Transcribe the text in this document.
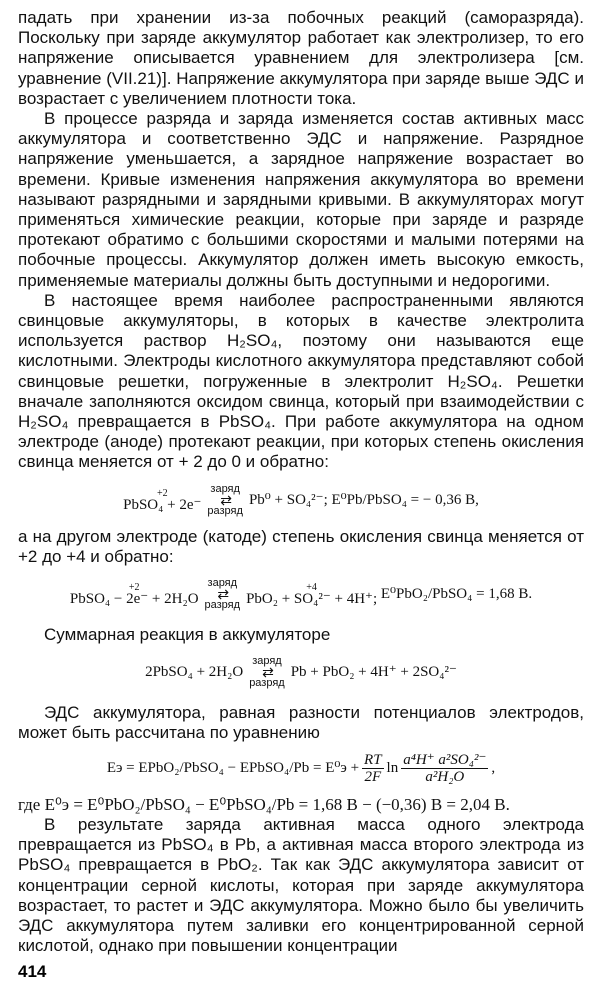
падать при хранении из-за побочных реакций (саморазряда). Поскольку при заряде аккумулятор работает как электролизер, то его напряжение описывается уравнением для электролизера [см. уравнение (VII.21)]. Напряжение аккумулятора при заряде выше ЭДС и возрастает с увеличением плотности тока.

В процессе разряда и заряда изменяется состав активных масс аккумулятора и соответственно ЭДС и напряжение. Разрядное напряжение уменьшается, а зарядное напряжение возрастает во времени. Кривые изменения напряжения аккумулятора во времени называют разрядными и зарядными кривыми. В аккумуляторах могут применяться химические реакции, которые при заряде и разряде протекают обратимо с большими скоростями и малыми потерями на побочные процессы. Аккумулятор должен иметь высокую емкость, применяемые материалы должны быть доступными и недорогими.

В настоящее время наиболее распространенными являются свинцовые аккумуляторы, в которых в качестве электролита используется раствор H₂SO₄, поэтому они называются еще кислотными. Электроды кислотного аккумулятора представляют собой свинцовые решетки, погруженные в электролит H₂SO₄. Решетки вначале заполняются оксидом свинца, который при взаимодействии с H₂SO₄ превращается в PbSO₄. При работе аккумулятора на одном электроде (аноде) протекают реакции, при которых степень окисления свинца меняется от + 2 до 0 и обратно:

+2
PbSO₄ + 2e⁻
заряд
⇄
разряд
Pb⁰ + SO₄²⁻;
E⁰Pb/PbSO₄ = − 0,36 В,

а на другом электроде (катоде) степень окисления свинца меняется от +2 до +4 и обратно:

+2
PbSO₄ − 2e⁻ + 2H₂O
заряд
⇄
разряд
+4
PbO₂ + SO₄²⁻ + 4H⁺;
E⁰PbO₂/PbSO₄ = 1,68 В.

Суммарная реакция в аккумуляторе

2PbSO₄ + 2H₂O
заряд
⇄
разряд
Pb + PbO₂ + 4H⁺ + 2SO₄²⁻

ЭДС аккумулятора, равная разности потенциалов электродов, может быть рассчитана по уравнению

Eэ = EPbO₂/PbSO₄ − EPbSO₄/Pb = $E^0э + \frac{RT}{2F}$ $\ln \frac{\text{a⁴H⁺ a²SO₄²⁻}}{\text{a²H₂O}}$ ,

где E⁰э = E⁰PbO₂/PbSO₄ − E⁰PbSO₄/Pb = 1,68 В − (−0,36) В = 2,04 В.

В результате заряда активная масса одного электрода превращается из PbSO₄ в Pb, а активная масса второго электрода из PbSO₄ превращается в PbO₂. Так как ЭДС аккумулятора зависит от концентрации серной кислоты, которая при заряде аккумулятора возрастает, то растет и ЭДС аккумулятора. Можно было бы увеличить ЭДС аккумулятора путем заливки его концентрированной серной кислотой, однако при повышении концентрации

414
